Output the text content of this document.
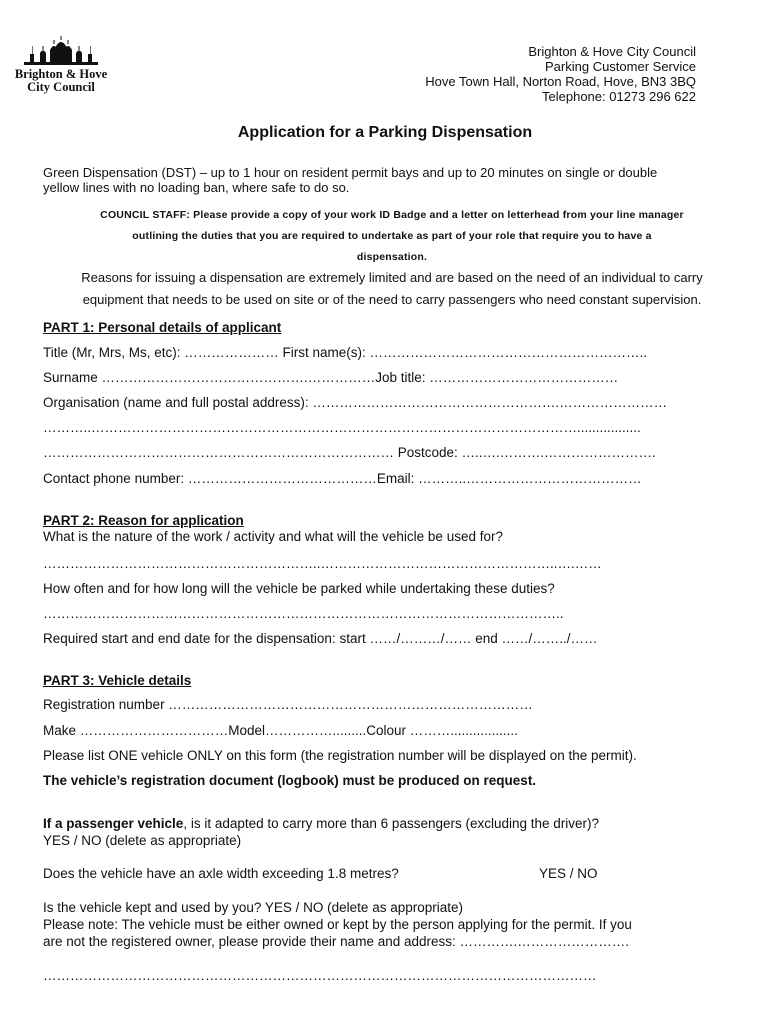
Brighton & Hove
City Council
Brighton & Hove City Council
Parking Customer Service
Hove Town Hall, Norton Road, Hove, BN3 3BQ
Telephone: 01273 296 622
Application for a Parking Dispensation
Green Dispensation (DST) – up to 1 hour on resident permit bays and up to 20 minutes on single or double
yellow lines with no loading ban, where safe to do so.
COUNCIL STAFF: Please provide a copy of your work ID Badge and a letter on letterhead from your line manager
outlining the duties that you are required to undertake as part of your role that require you to have a
dispensation.
Reasons for issuing a dispensation are extremely limited and are based on the need of an individual to carry
equipment that needs to be used on site or of the need to carry passengers who need constant supervision.
PART 1: Personal details of applicant
Title (Mr, Mrs, Ms, etc): ………………… First name(s): ……………………………………………………..
Surname ……………………………………….……………Job title: ……………………………………
Organisation (name and full postal address): ……………………………………………….……………………
………..……………………………………………………………………………………………….................
…………………………………………………………………… Postcode: …..….……….…………………….
Contact phone number: ……………………………………Email: ………..…………………………………
PART 2: Reason for application
What is the nature of the work / activity and what will the vehicle be used for?
……………………………………………………..……………………………………………..….……
How often and for how long will the vehicle be parked while undertaking these duties?
……………………………………………………………………………………………………..
Required start and end date for the dispensation: start ……/………/…… end ……/……../……
PART 3: Vehicle details
Registration number ………………………………………………………………………
Make ……………………………Model…………….........Colour ………..................
Please list ONE vehicle ONLY on this form (the registration number will be displayed on the permit).
The vehicle’s registration document (logbook) must be produced on request.
If a passenger vehicle, is it adapted to carry more than 6 passengers (excluding the driver)?
YES / NO (delete as appropriate)
Does the vehicle have an axle width exceeding 1.8 metres?	YES / NO
Is the vehicle kept and used by you? YES / NO (delete as appropriate)
Please note: The vehicle must be either owned or kept by the person applying for the permit. If you
are not the registered owner, please provide their name and address: ………….…………………….
……………………………………………………………………………………………………………
